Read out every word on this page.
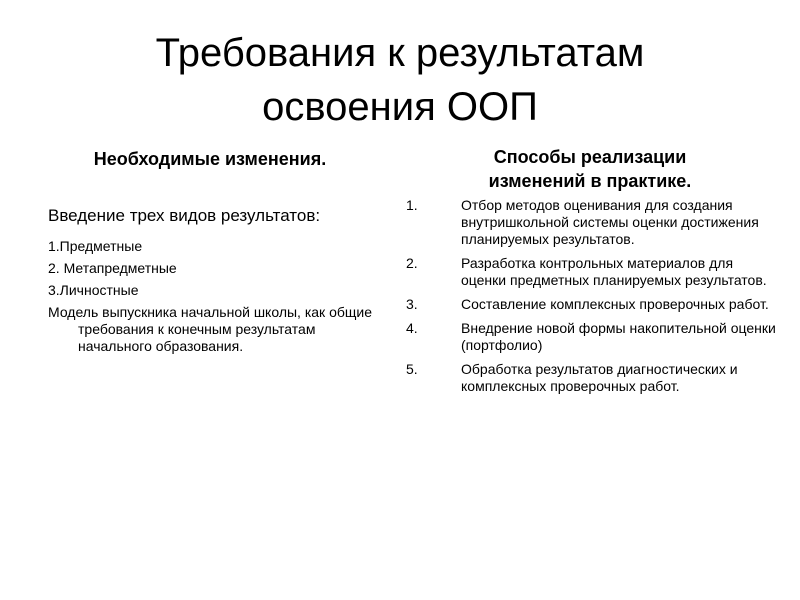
Требования к результатам
освоения ООП
Необходимые изменения.	Способы реализации
изменений в практике.

Введение трех видов результатов:

1.Предметные

2. Метапредметные

3.Личностные

Модель выпускника начальной школы, как общие требования к конечным результатам начального образования.

1.	Отбор методов оценивания для создания внутришкольной системы оценки достижения планируемых результатов.
2.	Разработка контрольных материалов для оценки предметных планируемых результатов.
3.	Составление комплексных проверочных работ.
4.	Внедрение новой формы накопительной оценки (портфолио)
5.	Обработка результатов диагностических и комплексных проверочных работ.
